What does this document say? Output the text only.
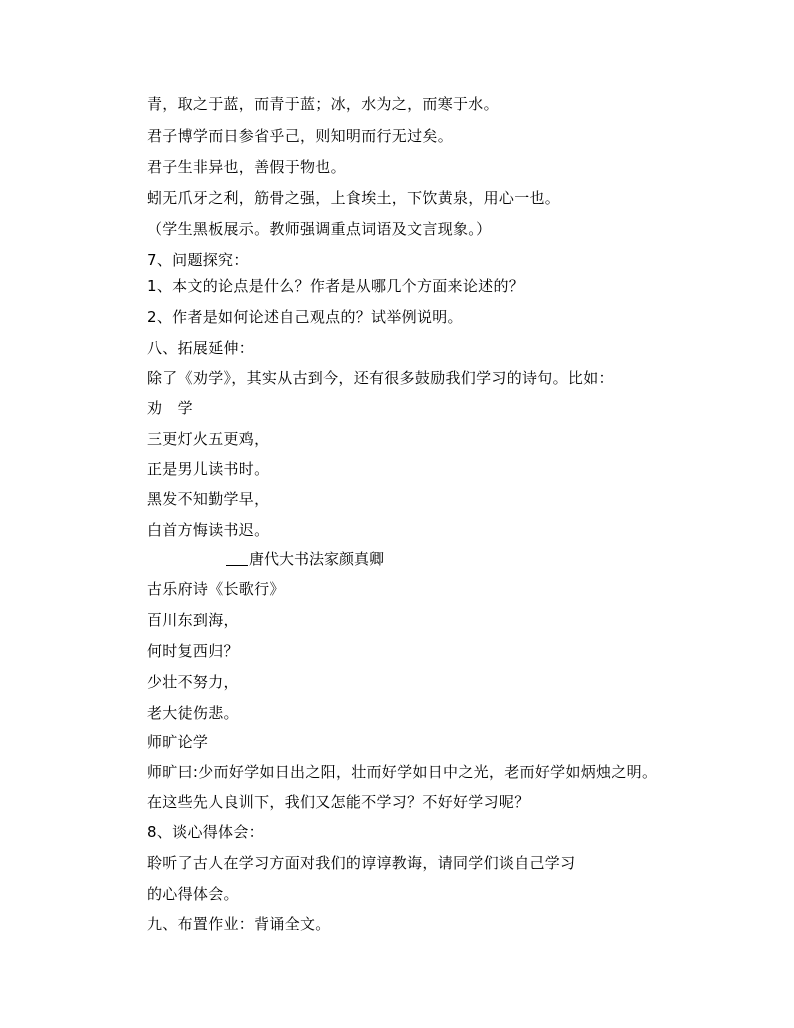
青，取之于蓝，而青于蓝；冰，水为之，而寒于水。
君子博学而日参省乎己，则知明而行无过矣。
君子生非异也，善假于物也。
蚓无爪牙之利，筋骨之强，上食埃土，下饮黄泉，用心一也。
（学生黑板展示。教师强调重点词语及文言现象。）
7、问题探究：
1、本文的论点是什么？作者是从哪几个方面来论述的？
2、作者是如何论述自己观点的？试举例说明。
八、拓展延伸：
除了《劝学》，其实从古到今，还有很多鼓励我们学习的诗句。比如：
劝　学
三更灯火五更鸡，
正是男儿读书时。
黑发不知勤学早，
白首方悔读书迟。
唐代大书法家颜真卿
古乐府诗《长歌行》
百川东到海，
何时复西归？
少壮不努力，
老大徒伤悲。
师旷论学
师旷曰:少而好学如日出之阳，壮而好学如日中之光，老而好学如炳烛之明。
在这些先人良训下，我们又怎能不学习？不好好学习呢？
8、谈心得体会：
聆听了古人在学习方面对我们的谆谆教诲，请同学们谈自己学习
的心得体会。
九、布置作业：背诵全文。
